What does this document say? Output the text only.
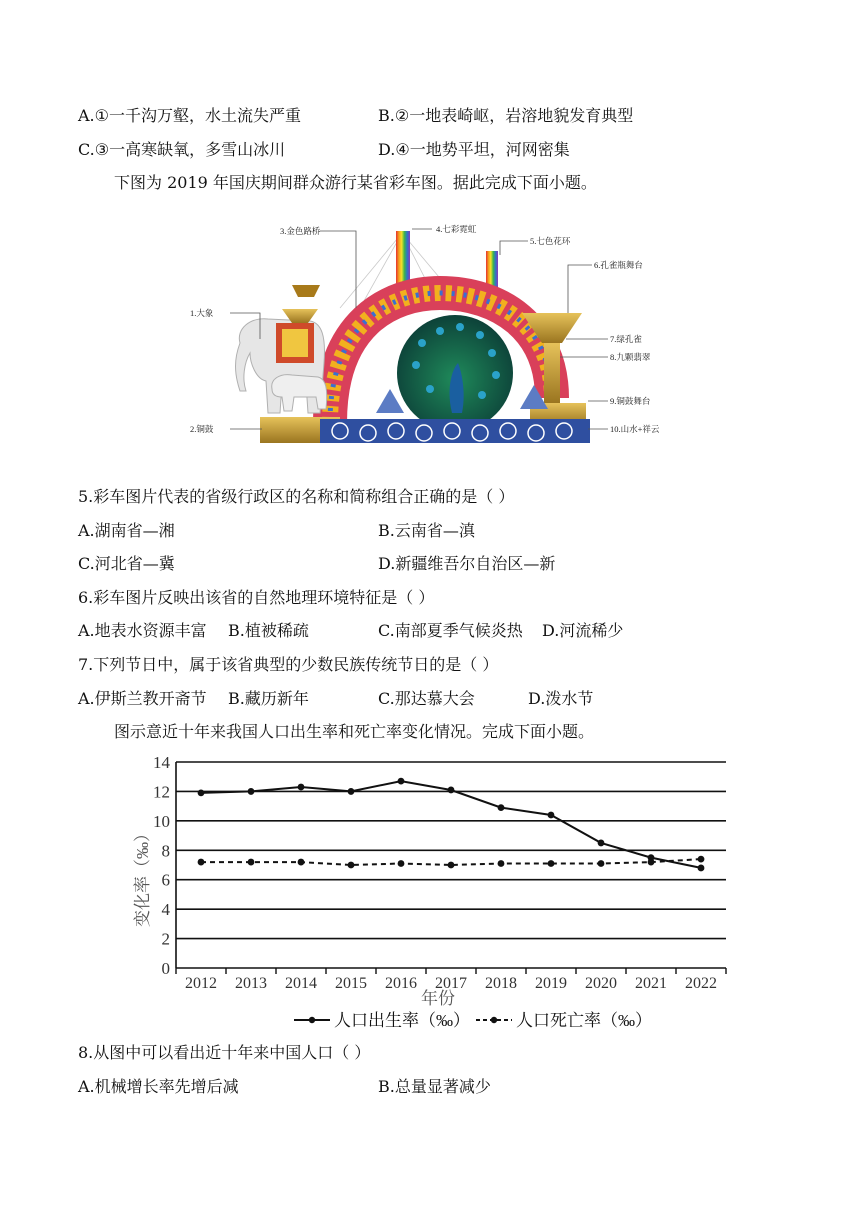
A.①一千沟万壑，水土流失严重	B.②一地表崎岖，岩溶地貌发育典型
C.③一高寒缺氧，多雪山冰川	D.④一地势平坦，河网密集
下图为 2019 年国庆期间群众游行某省彩车图。据此完成下面小题。
1.大象
2.铜鼓
3.金色路桥	4.七彩霓虹
5.七色花环
6.孔雀瓶舞台
7.绿孔雀
8.九颗翡翠
9.铜鼓舞台
10.山水+祥云
5.彩车图片代表的省级行政区的名称和简称组合正确的是（ ）
A.湖南省—湘	B.云南省—滇
C.河北省—冀	D.新疆维吾尔自治区—新
6.彩车图片反映出该省的自然地理环境特征是（ ）
A.地表水资源丰富 B.植被稀疏	C.南部夏季气候炎热 D.河流稀少
7.下列节日中，属于该省典型的少数民族传统节日的是（ ）
A.伊斯兰教开斋节 B.藏历新年	C.那达慕大会	D.泼水节
图示意近十年来我国人口出生率和死亡率变化情况。完成下面小题。
0
2
4
6
8
10
12
14
2012 2013 2014 2015 2016 2017 2018 2019 2020 2021 2022
变化率（‰）
年份
人口出生率（‰）	人口死亡率（‰）
8.从图中可以看出近十年来中国人口（ ）
A.机械增长率先增后减	B.总量显著减少
